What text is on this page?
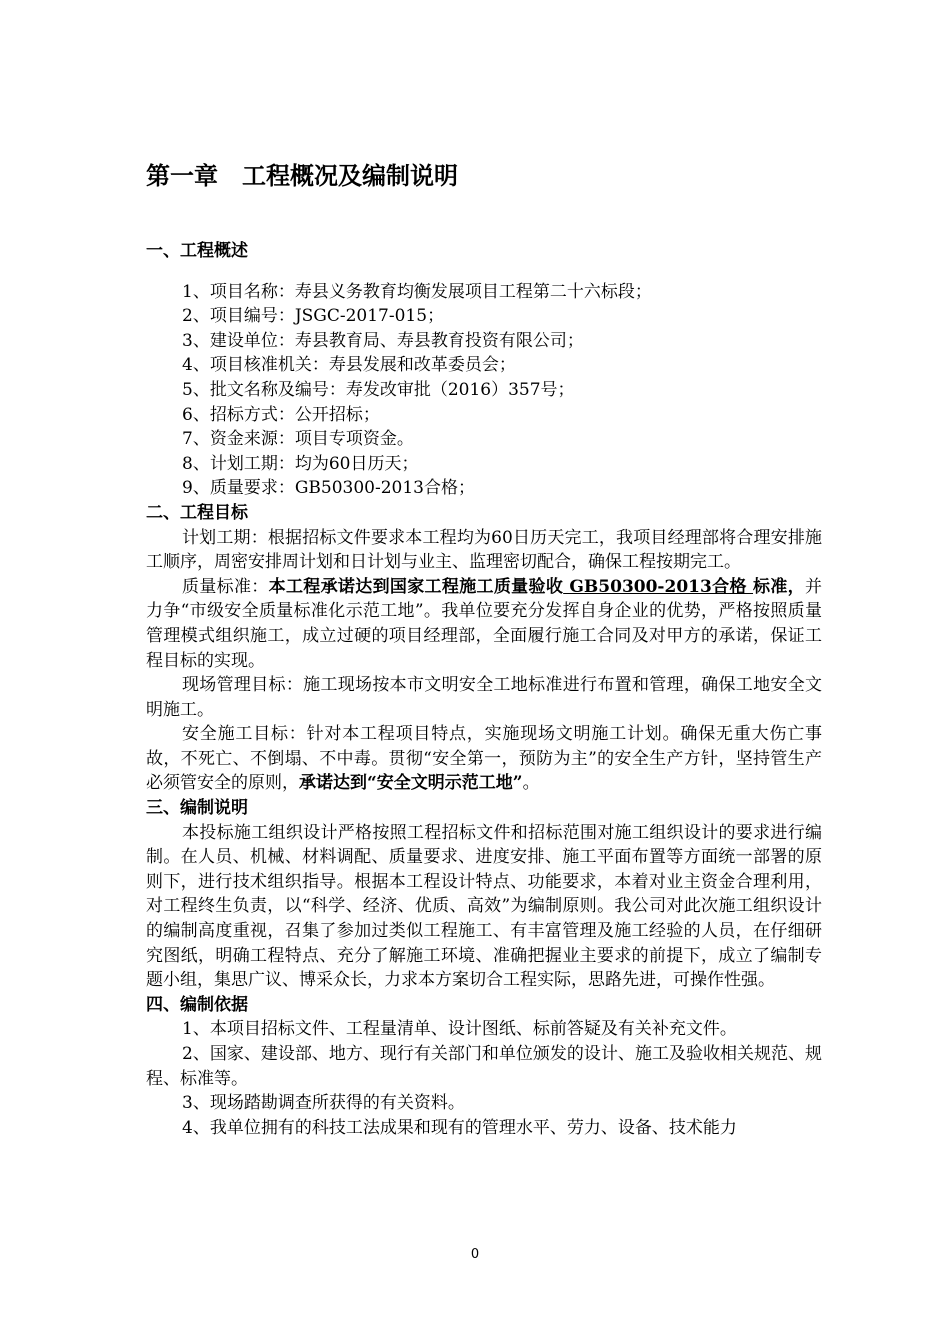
第一章　工程概况及编制说明

一、工程概述

1、项目名称：寿县义务教育均衡发展项目工程第二十六标段；

2、项目编号：JSGC-2017-015；

3、建设单位：寿县教育局、寿县教育投资有限公司；

4、项目核准机关：寿县发展和改革委员会；

5、批文名称及编号：寿发改审批（2016）357号；

6、招标方式：公开招标；

7、资金来源：项目专项资金。

8、计划工期：均为60日历天；

9、质量要求：GB50300-2013合格；

二、工程目标

计划工期：根据招标文件要求本工程均为60日历天完工，我项目经理部将合理安排施工顺序，周密安排周计划和日计划与业主、监理密切配合，确保工程按期完工。

质量标准：本工程承诺达到国家工程施工质量验收 GB50300-2013合格 标准，并力争“市级安全质量标准化示范工地”。我单位要充分发挥自身企业的优势，严格按照质量管理模式组织施工，成立过硬的项目经理部，全面履行施工合同及对甲方的承诺，保证工程目标的实现。

现场管理目标：施工现场按本市文明安全工地标准进行布置和管理，确保工地安全文明施工。

安全施工目标：针对本工程项目特点，实施现场文明施工计划。确保无重大伤亡事故，不死亡、不倒塌、不中毒。贯彻“安全第一，预防为主”的安全生产方针，坚持管生产必须管安全的原则，承诺达到“安全文明示范工地”。

三、编制说明

本投标施工组织设计严格按照工程招标文件和招标范围对施工组织设计的要求进行编制。在人员、机械、材料调配、质量要求、进度安排、施工平面布置等方面统一部署的原则下，进行技术组织指导。根据本工程设计特点、功能要求，本着对业主资金合理利用，对工程终生负责，以“科学、经济、优质、高效”为编制原则。我公司对此次施工组织设计的编制高度重视，召集了参加过类似工程施工、有丰富管理及施工经验的人员，在仔细研究图纸，明确工程特点、充分了解施工环境、准确把握业主要求的前提下，成立了编制专题小组，集思广议、博采众长，力求本方案切合工程实际，思路先进，可操作性强。

四、编制依据

1、本项目招标文件、工程量清单、设计图纸、标前答疑及有关补充文件。

2、国家、建设部、地方、现行有关部门和单位颁发的设计、施工及验收相关规范、规程、标准等。

3、现场踏勘调查所获得的有关资料。

4、我单位拥有的科技工法成果和现有的管理水平、劳力、设备、技术能力

0
